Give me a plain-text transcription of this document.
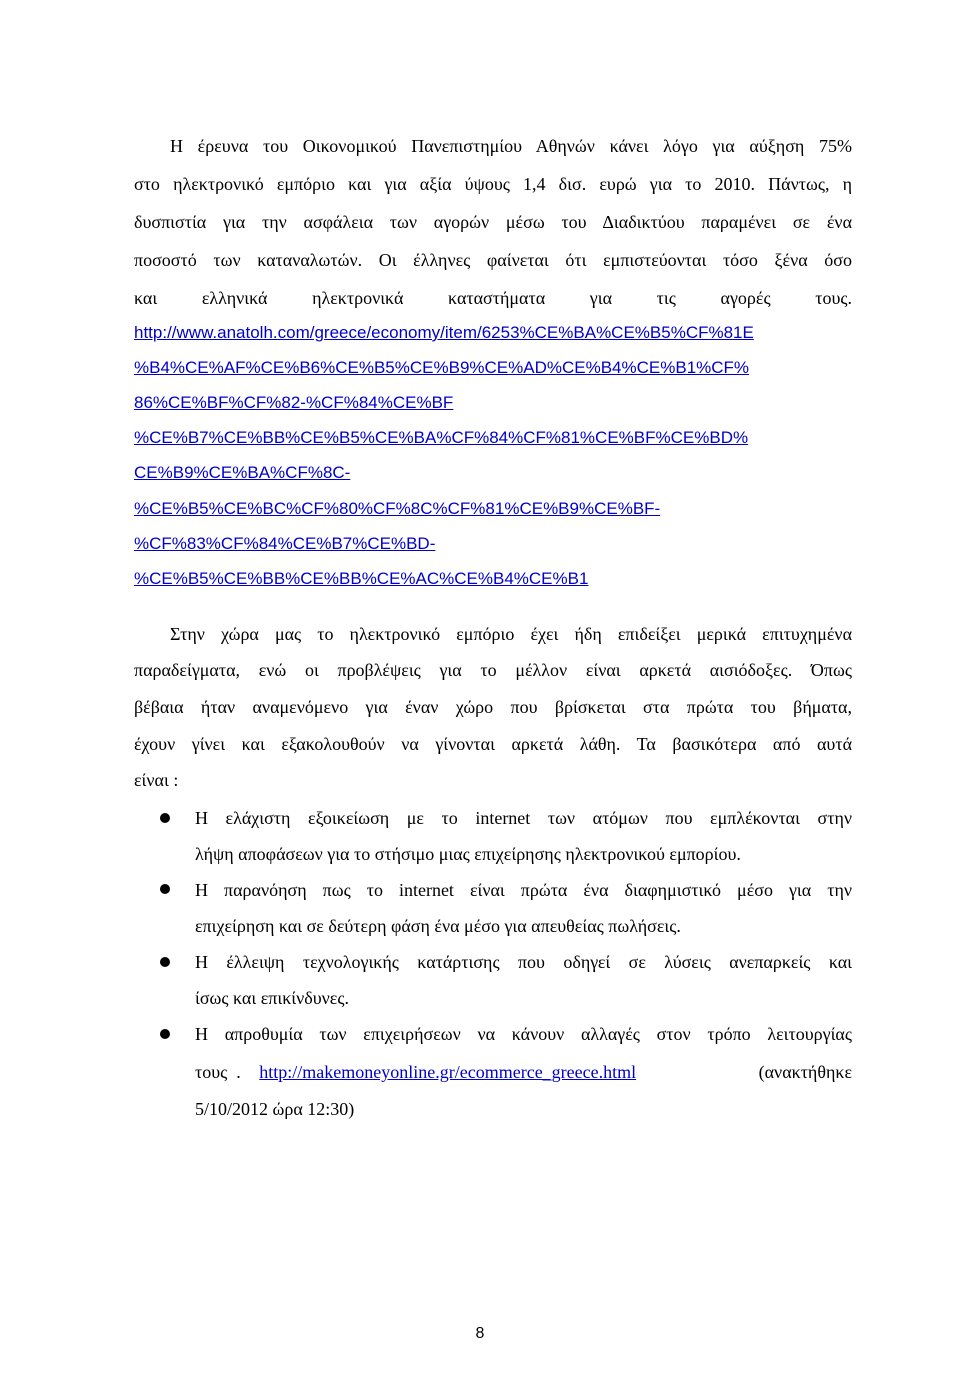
Η έρευνα του Οικονομικού Πανεπιστημίου Αθηνών κάνει λόγο για αύξηση 75%
στο ηλεκτρονικό εμπόριο και για αξία ύψους 1,4 δισ. ευρώ για το 2010. Πάντως, η
δυσπιστία για την ασφάλεια των αγορών μέσω του Διαδικτύου παραμένει σε ένα
ποσοστό των καταναλωτών. Οι έλληνες φαίνεται ότι εμπιστεύονται τόσο ξένα όσο
και ελληνικά ηλεκτρονικά καταστήματα για τις αγορές τους.
http://www.anatolh.com/greece/economy/item/6253%CE%BA%CE%B5%CF%81E
%B4%CE%AF%CE%B6%CE%B5%CE%B9%CE%AD%CE%B4%CE%B1%CF%
86%CE%BF%CF%82-%CF%84%CE%BF
%CE%B7%CE%BB%CE%B5%CE%BA%CF%84%CF%81%CE%BF%CE%BD%
CE%B9%CE%BA%CF%8C-
%CE%B5%CE%BC%CF%80%CF%8C%CF%81%CE%B9%CE%BF-
%CF%83%CF%84%CE%B7%CE%BD-
%CE%B5%CE%BB%CE%BB%CE%AC%CE%B4%CE%B1
Στην χώρα μας το ηλεκτρονικό εμπόριο έχει ήδη επιδείξει μερικά επιτυχημένα
παραδείγματα, ενώ οι προβλέψεις για το μέλλον είναι αρκετά αισιόδοξες. Όπως
βέβαια ήταν αναμενόμενο για έναν χώρο που βρίσκεται στα πρώτα του βήματα,
έχουν γίνει και εξακολουθούν να γίνονται αρκετά λάθη. Τα βασικότερα από αυτά
είναι :
Η ελάχιστη εξοικείωση με το internet των ατόμων που εμπλέκονται στην
λήψη αποφάσεων για το στήσιμο μιας επιχείρησης ηλεκτρονικού εμπορίου.
Η παρανόηση πως το internet είναι πρώτα ένα διαφημιστικό μέσο για την
επιχείρηση και σε δεύτερη φάση ένα μέσο για απευθείας πωλήσεις.
Η έλλειψη τεχνολογικής κατάρτισης που οδηγεί σε λύσεις ανεπαρκείς και
ίσως και επικίνδυνες.
Η απροθυμία των επιχειρήσεων να κάνουν αλλαγές στον τρόπο λειτουργίας
τους  . http://makemoneyonline.gr/ecommerce_greece.html	(ανακτήθηκε
5/10/2012 ώρα 12:30)
8
